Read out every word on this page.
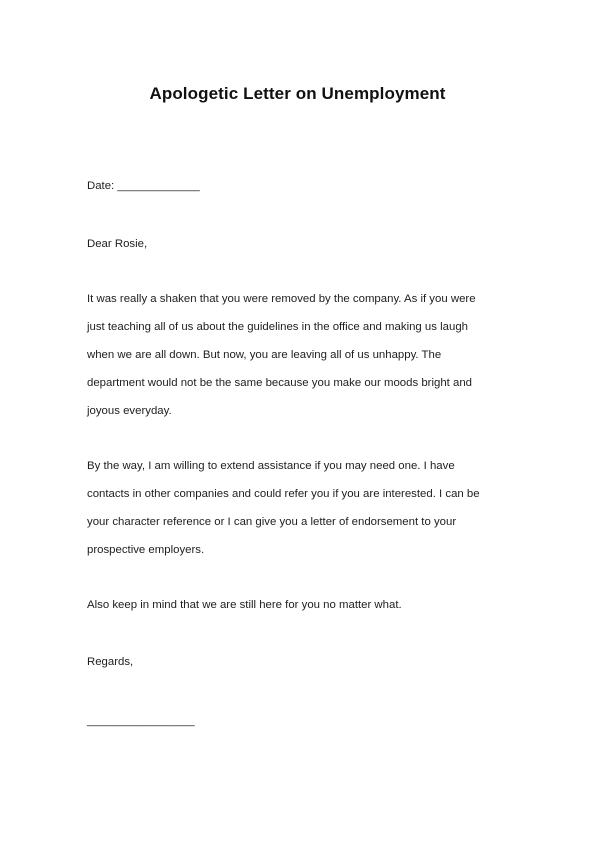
Apologetic Letter on Unemployment
Date: _____________
Dear Rosie,
It was really a shaken that you were removed by the company. As if you were
just teaching all of us about the guidelines in the office and making us laugh
when we are all down. But now, you are leaving all of us unhappy. The
department would not be the same because you make our moods bright and
joyous everyday.
By the way, I am willing to extend assistance if you may need one. I have
contacts in other companies and could refer you if you are interested. I can be
your character reference or I can give you a letter of endorsement to your
prospective employers.
Also keep in mind that we are still here for you no matter what.
Regards,
_________________
